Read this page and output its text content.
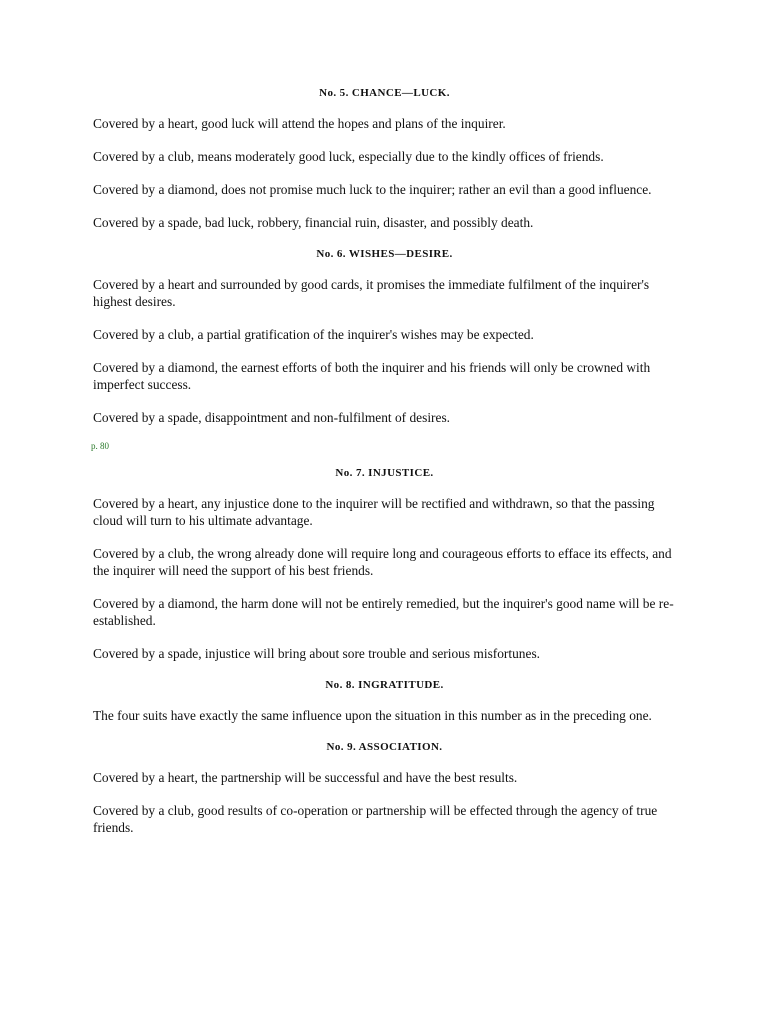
No. 5. CHANCE—LUCK.

Covered by a heart, good luck will attend the hopes and plans of the inquirer.

Covered by a club, means moderately good luck, especially due to the kindly offices of friends.

Covered by a diamond, does not promise much luck to the inquirer; rather an evil than a good influence.

Covered by a spade, bad luck, robbery, financial ruin, disaster, and possibly death.

No. 6. WISHES—DESIRE.

Covered by a heart and surrounded by good cards, it promises the immediate fulfilment of the inquirer's highest desires.

Covered by a club, a partial gratification of the inquirer's wishes may be expected.

Covered by a diamond, the earnest efforts of both the inquirer and his friends will only be crowned with imperfect success.

Covered by a spade, disappointment and non-fulfilment of desires.

p. 80
No. 7. INJUSTICE.

Covered by a heart, any injustice done to the inquirer will be rectified and withdrawn, so that the passing cloud will turn to his ultimate advantage.

Covered by a club, the wrong already done will require long and courageous efforts to efface its effects, and the inquirer will need the support of his best friends.

Covered by a diamond, the harm done will not be entirely remedied, but the inquirer's good name will be re-established.

Covered by a spade, injustice will bring about sore trouble and serious misfortunes.

No. 8. INGRATITUDE.

The four suits have exactly the same influence upon the situation in this number as in the preceding one.

No. 9. ASSOCIATION.

Covered by a heart, the partnership will be successful and have the best results.

Covered by a club, good results of co-operation or partnership will be effected through the agency of true friends.
